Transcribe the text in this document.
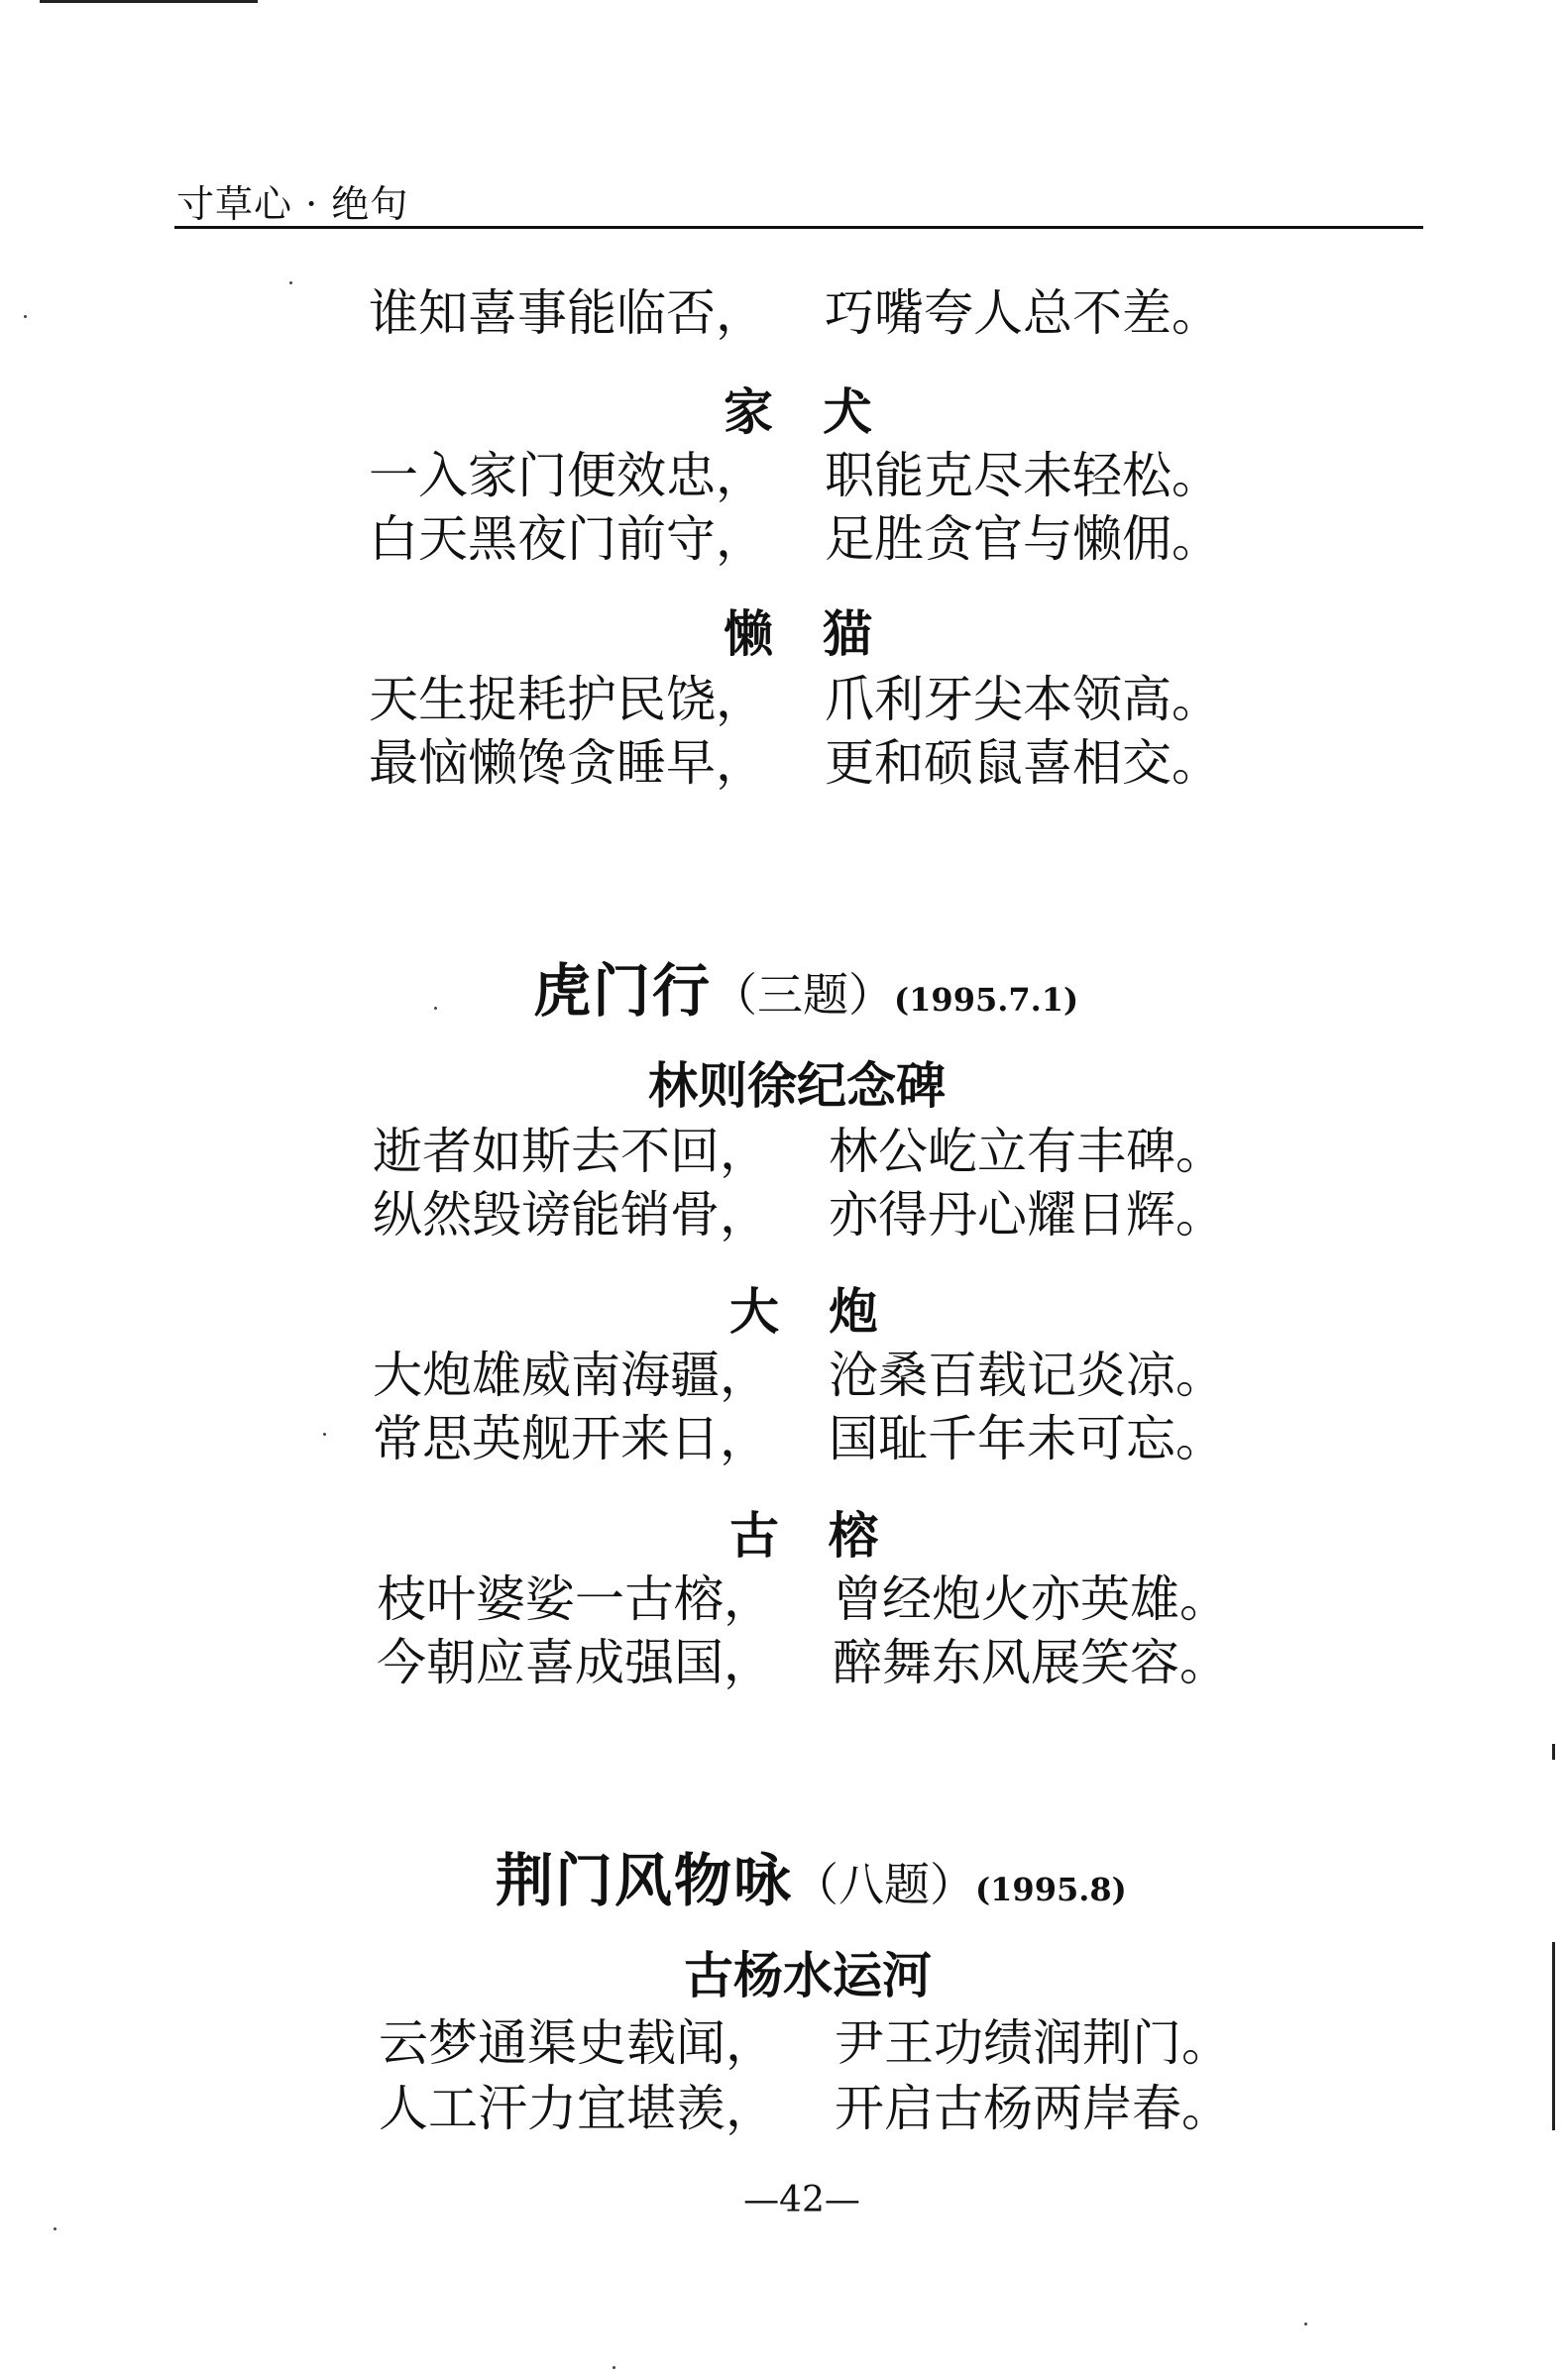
寸草心 · 绝句
谁知喜事能临否， 巧嘴夸人总不差。
家　犬
一入家门便效忠， 职能克尽未轻松。
白天黑夜门前守， 足胜贪官与懒佣。
懒　猫
天生捉耗护民饶， 爪利牙尖本领高。
最恼懒馋贪睡早， 更和硕鼠喜相交。
虎门行（三题）(1995.7.1)
林则徐纪念碑
逝者如斯去不回， 林公屹立有丰碑。
纵然毁谤能销骨， 亦得丹心耀日辉。
大　炮
大炮雄威南海疆， 沧桑百载记炎凉。
常思英舰开来日， 国耻千年未可忘。
古　榕
枝叶婆娑一古榕， 曾经炮火亦英雄。
今朝应喜成强国， 醉舞东风展笑容。
荆门风物咏（八题）(1995.8)
古杨水运河
云梦通渠史载闻， 尹王功绩润荆门。
人工汗力宜堪羡， 开启古杨两岸春。
—42—
